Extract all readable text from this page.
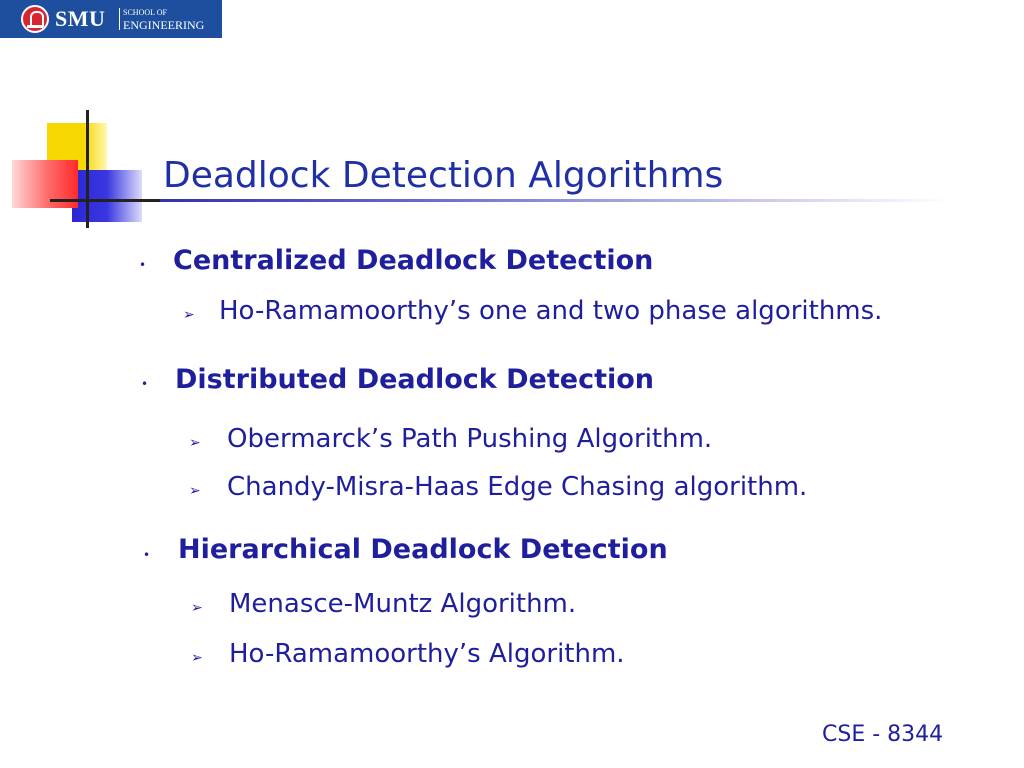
SMU SCHOOL OF
ENGINEERING
Deadlock Detection Algorithms
• Centralized Deadlock Detection
➢ Ho-Ramamoorthy’s one and two phase algorithms.
• Distributed Deadlock Detection
➢ Obermarck’s Path Pushing Algorithm.
➢ Chandy-Misra-Haas Edge Chasing algorithm.
• Hierarchical Deadlock Detection
➢ Menasce-Muntz Algorithm.
➢ Ho-Ramamoorthy’s Algorithm.
CSE - 8344
